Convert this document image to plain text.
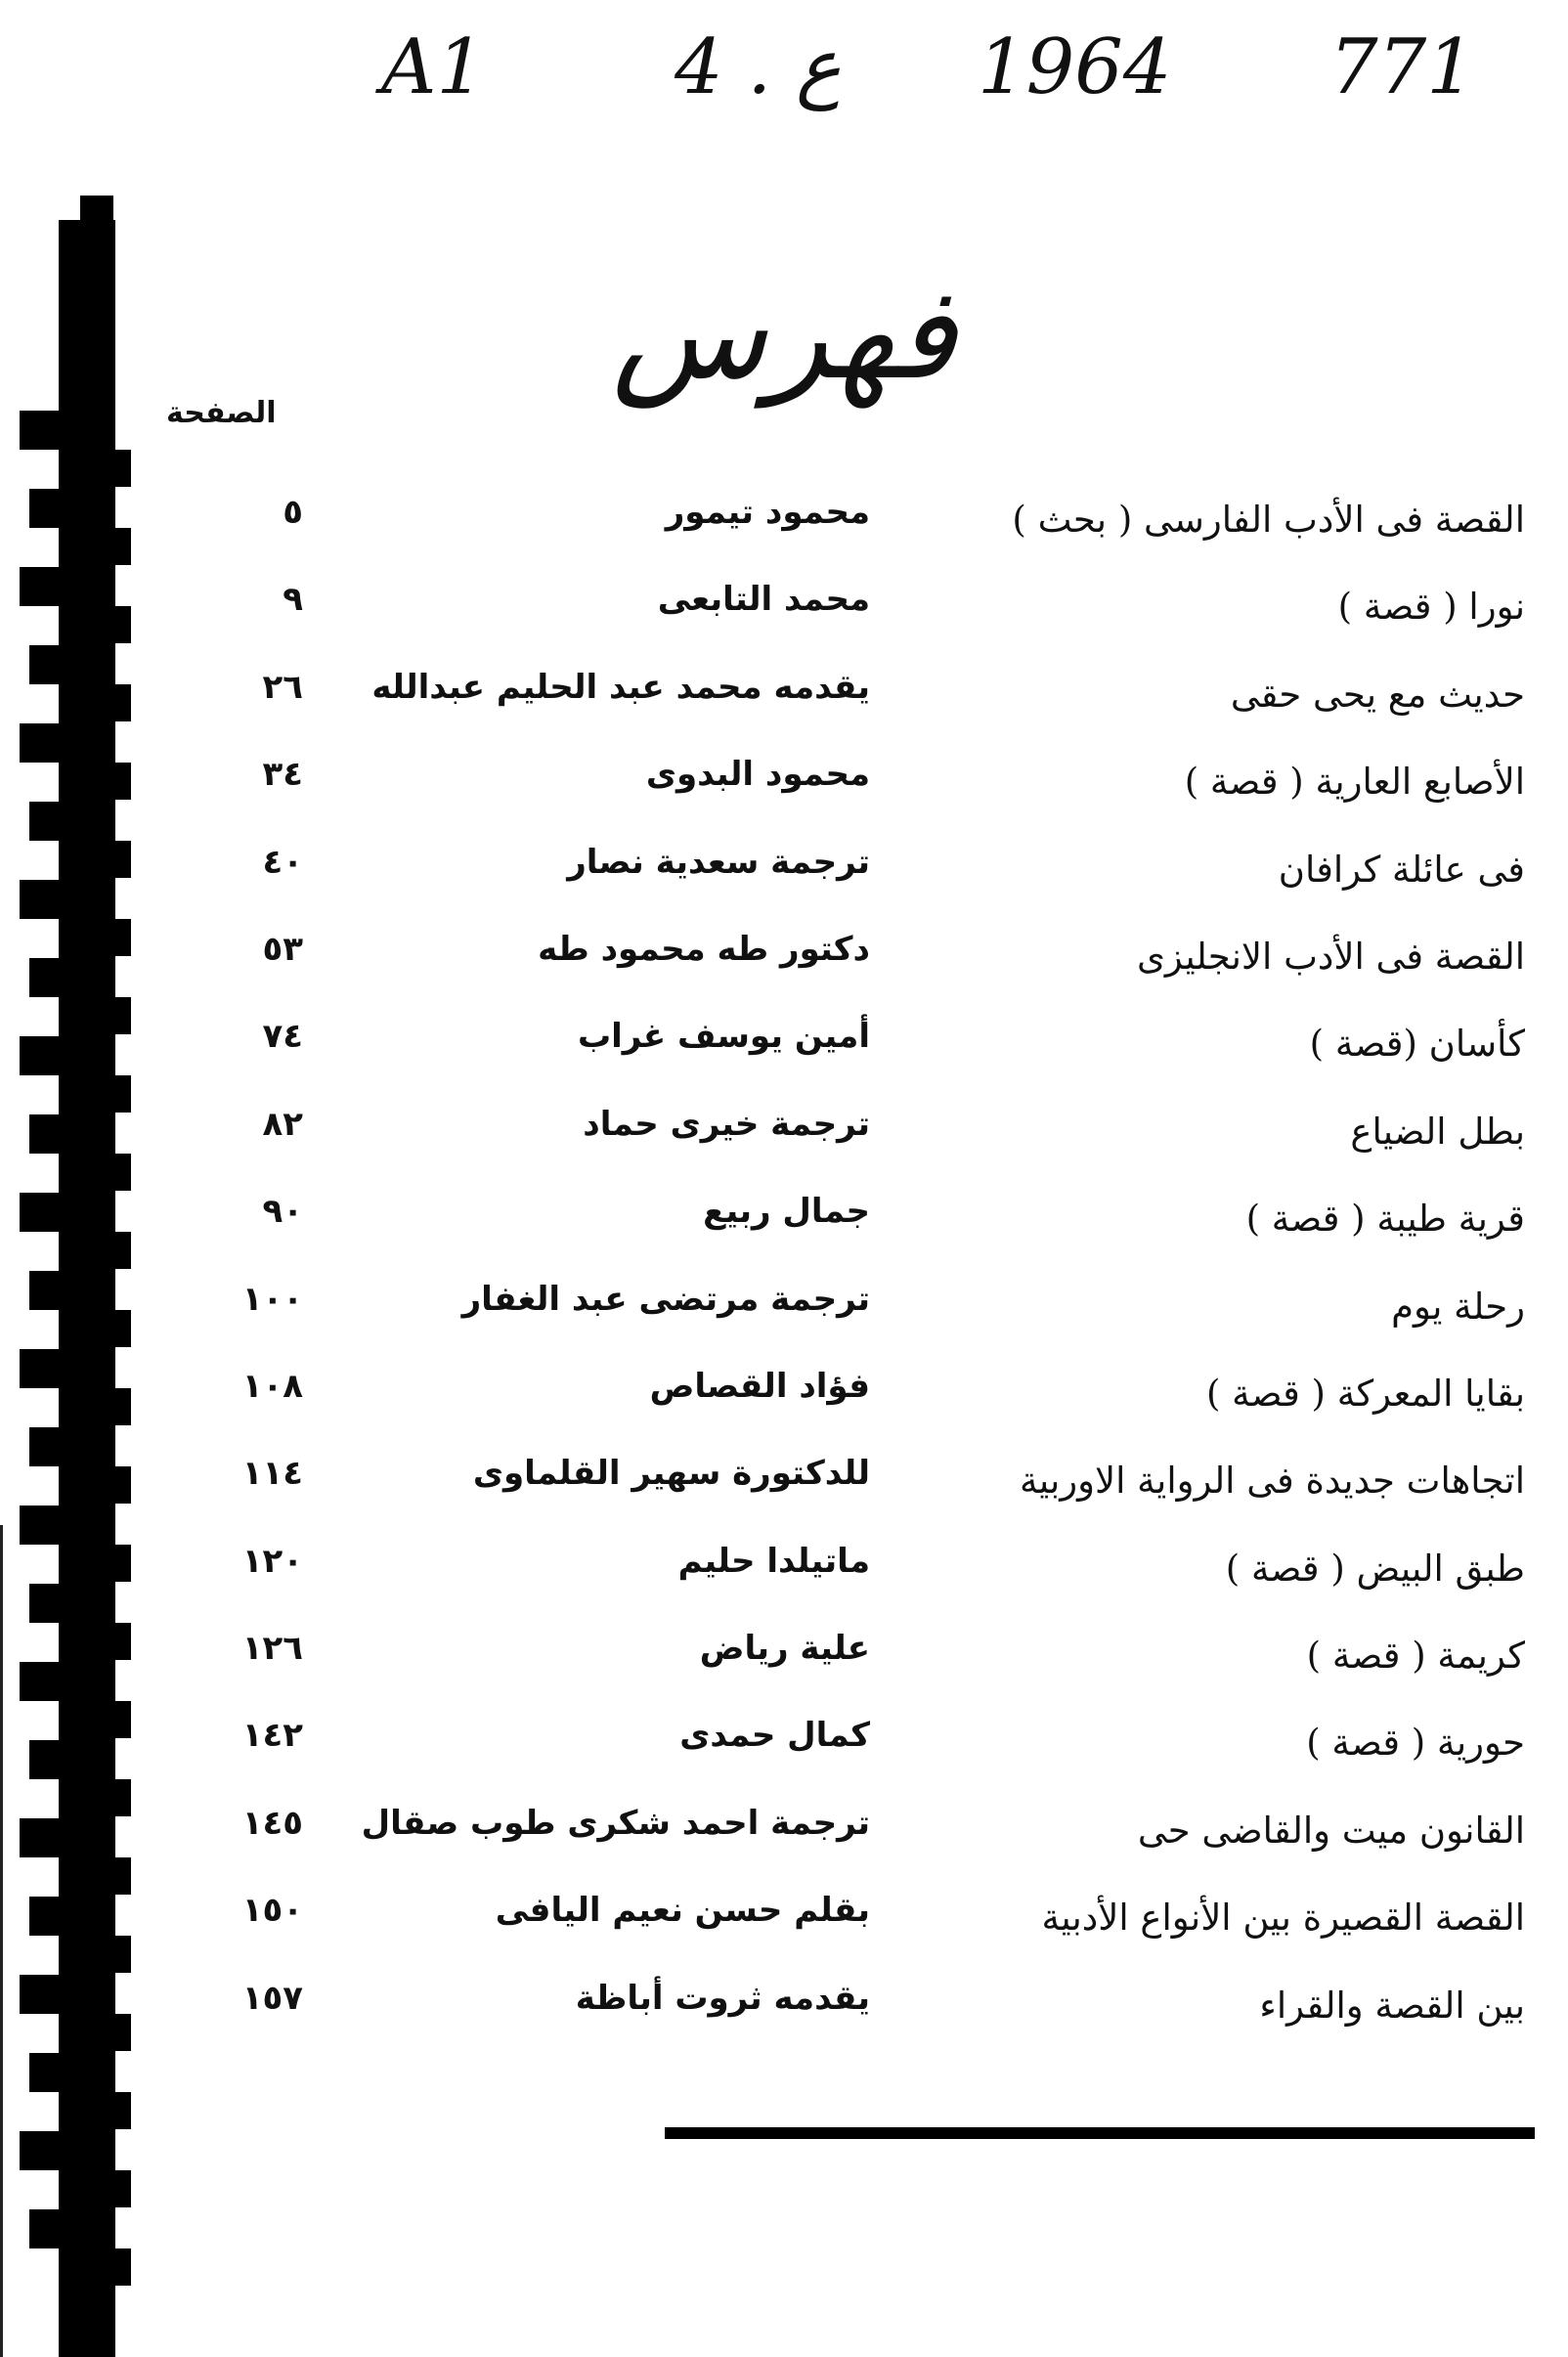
A1 4 . ع 1964 771
فهرس
الصفحة
القصة فى الأدب الفارسى ( بحث )
محمود تيمور
٥
نورا ( قصة )
محمد التابعى
٩
حديث مع يحى حقى
يقدمه محمد عبد الحليم عبدالله
٢٦
الأصابع العارية ( قصة )
محمود البدوى
٣٤
فى عائلة كرافان
ترجمة سعدية نصار
٤٠
القصة فى الأدب الانجليزى
دكتور طه محمود طه
٥٣
كأسان (قصة )
أمين يوسف غراب
٧٤
بطل الضياع
ترجمة خيرى حماد
٨٢
قرية طيبة ( قصة )
جمال ربيع
٩٠
رحلة يوم
ترجمة مرتضى عبد الغفار
١٠٠
بقايا المعركة ( قصة )
فؤاد القصاص
١٠٨
اتجاهات جديدة فى الرواية الاوربية
للدكتورة سهير القلماوى
١١٤
طبق البيض ( قصة )
ماتيلدا حليم
١٢٠
كريمة ( قصة )
علية رياض
١٢٦
حورية ( قصة )
كمال حمدى
١٤٢
القانون ميت والقاضى حى
ترجمة احمد شكرى طوب صقال
١٤٥
القصة القصيرة بين الأنواع الأدبية
بقلم حسن نعيم اليافى
١٥٠
بين القصة والقراء
يقدمه ثروت أباظة
١٥٧
